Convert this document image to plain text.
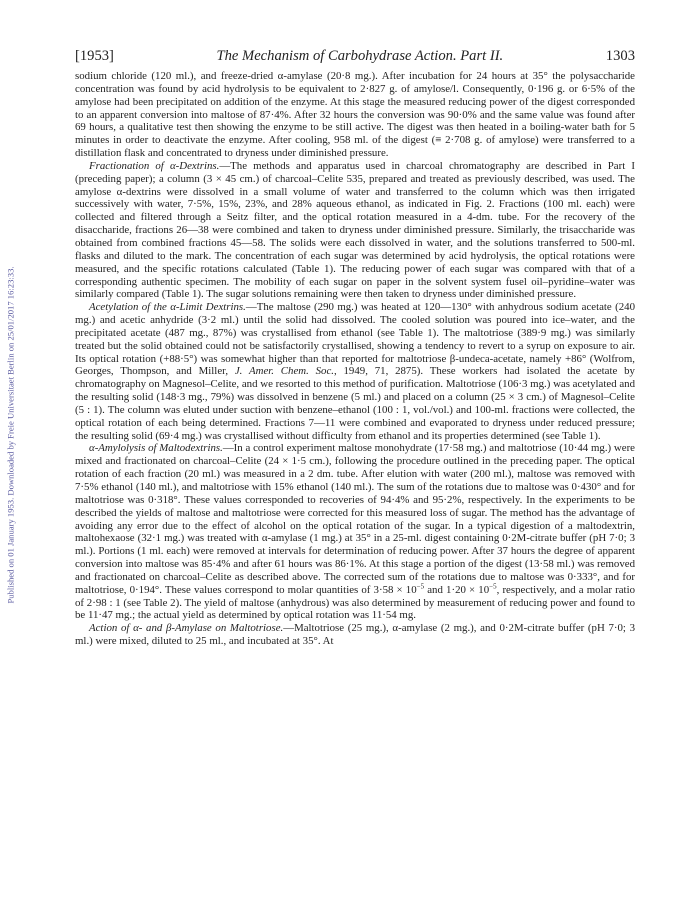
Published on 01 January 1953. Downloaded by Freie Universitaet Berlin on 25/01/2017 16:23:33.
[1953]	The Mechanism of Carbohydrase Action. Part II.	1303

sodium chloride (120 ml.), and freeze-dried α-amylase (20·8 mg.). After incubation for 24 hours at 35° the polysaccharide concentration was found by acid hydrolysis to be equivalent to 2·827 g. of amylose/l. Consequently, 0·196 g. or 6·5% of the amylose had been precipitated on addition of the enzyme. At this stage the measured reducing power of the digest corresponded to an apparent conversion into maltose of 87·4%. After 32 hours the conversion was 90·0% and the same value was found after 69 hours, a qualitative test then showing the enzyme to be still active. The digest was then heated in a boiling-water bath for 5 minutes in order to deactivate the enzyme. After cooling, 958 ml. of the digest (≡ 2·708 g. of amylose) were transferred to a distillation flask and concentrated to dryness under diminished pressure.

Fractionation of α-Dextrins.—The methods and apparatus used in charcoal chromatography are described in Part I (preceding paper); a column (3 × 45 cm.) of charcoal–Celite 535, prepared and treated as previously described, was used. The amylose α-dextrins were dissolved in a small volume of water and transferred to the column which was then irrigated successively with water, 7·5%, 15%, 23%, and 28% aqueous ethanol, as indicated in Fig. 2. Fractions (100 ml. each) were collected and filtered through a Seitz filter, and the optical rotation measured in a 4-dm. tube. For the recovery of the disaccharide, fractions 26—38 were combined and taken to dryness under diminished pressure. Similarly, the trisaccharide was obtained from combined fractions 45—58. The solids were each dissolved in water, and the solutions transferred to 500-ml. flasks and diluted to the mark. The concentration of each sugar was determined by acid hydrolysis, the optical rotations were measured, and the specific rotations calculated (Table 1). The reducing power of each sugar was compared with that of a corresponding authentic specimen. The mobility of each sugar on paper in the solvent system fusel oil–pyridine–water was similarly compared (Table 1). The sugar solutions remaining were then taken to dryness under diminished pressure.

Acetylation of the α-Limit Dextrins.—The maltose (290 mg.) was heated at 120—130° with anhydrous sodium acetate (240 mg.) and acetic anhydride (3·2 ml.) until the solid had dissolved. The cooled solution was poured into ice–water, and the precipitated acetate (487 mg., 87%) was crystallised from ethanol (see Table 1). The maltotriose (389·9 mg.) was similarly treated but the solid obtained could not be satisfactorily crystallised, showing a tendency to revert to a syrup on exposure to air. Its optical rotation (+88·5°) was somewhat higher than that reported for maltotriose β-undeca-acetate, namely +86° (Wolfrom, Georges, Thompson, and Miller, J. Amer. Chem. Soc., 1949, 71, 2875). These workers had isolated the acetate by chromatography on Magnesol–Celite, and we resorted to this method of purification. Maltotriose (106·3 mg.) was acetylated and the resulting solid (148·3 mg., 79%) was dissolved in benzene (5 ml.) and placed on a column (25 × 3 cm.) of Magnesol–Celite (5 : 1). The column was eluted under suction with benzene–ethanol (100 : 1, vol./vol.) and 100-ml. fractions were collected, the optical rotation of each being determined. Fractions 7—11 were combined and evaporated to dryness under reduced pressure; the resulting solid (69·4 mg.) was crystallised without difficulty from ethanol and its properties determined (see Table 1).

α-Amylolysis of Maltodextrins.—In a control experiment maltose monohydrate (17·58 mg.) and maltotriose (10·44 mg.) were mixed and fractionated on charcoal–Celite (24 × 1·5 cm.), following the procedure outlined in the preceding paper. The optical rotation of each fraction (20 ml.) was measured in a 2 dm. tube. After elution with water (200 ml.), maltose was removed with 7·5% ethanol (140 ml.), and maltotriose with 15% ethanol (140 ml.). The sum of the rotations due to maltose was 0·430° and for maltotriose was 0·318°. These values corresponded to recoveries of 94·4% and 95·2%, respectively. In the experiments to be described the yields of maltose and maltotriose were corrected for this measured loss of sugar. The method has the advantage of avoiding any error due to the effect of alcohol on the optical rotation of the sugar. In a typical digestion of a maltodextrin, maltohexaose (32·1 mg.) was treated with α-amylase (1 mg.) at 35° in a 25-ml. digest containing 0·2M-citrate buffer (pH 7·0; 3 ml.). Portions (1 ml. each) were removed at intervals for determination of reducing power. After 37 hours the degree of apparent conversion into maltose was 85·4% and after 61 hours was 86·1%. At this stage a portion of the digest (13·58 ml.) was removed and fractionated on charcoal–Celite as described above. The corrected sum of the rotations due to maltose was 0·333°, and for maltotriose, 0·194°. These values correspond to molar quantities of $3\cdot 58 \times 10^{-5}$ and $1\cdot 20 \times 10^{-5}$, respectively, and a molar ratio of 2·98 : 1 (see Table 2). The yield of maltose (anhydrous) was also determined by measurement of reducing power and found to be 11·47 mg.; the actual yield as determined by optical rotation was 11·54 mg.

Action of α- and β-Amylase on Maltotriose.—Maltotriose (25 mg.), α-amylase (2 mg.), and 0·2M-citrate buffer (pH 7·0; 3 ml.) were mixed, diluted to 25 ml., and incubated at 35°. At
